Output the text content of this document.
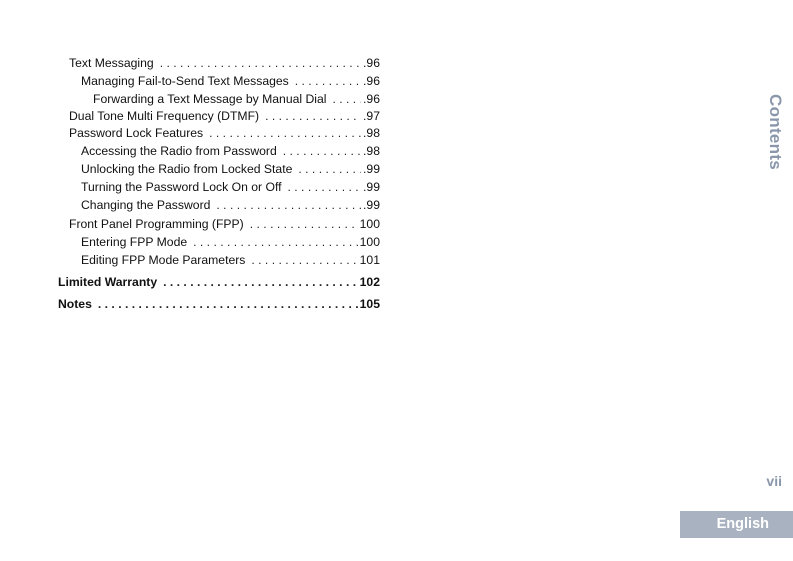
Text Messaging . . .	.96
Managing Fail-to-Send Text Messages . . .	.96
Forwarding a Text Message by Manual Dial . . .	.96
Dual Tone Multi Frequency (DTMF) . . .	.97
Password Lock Features . . .	.98
Accessing the Radio from Password . . .	.98
Unlocking the Radio from Locked State . . .	.99
Turning the Password Lock On or Off . . .	.99
Changing the Password . . .	.99
Front Panel Programming (FPP) . . .	100
Entering FPP Mode . . .	100
Editing FPP Mode Parameters . . .	101
Limited Warranty . . .	102
Notes . . .	105
Contents
vii
English
